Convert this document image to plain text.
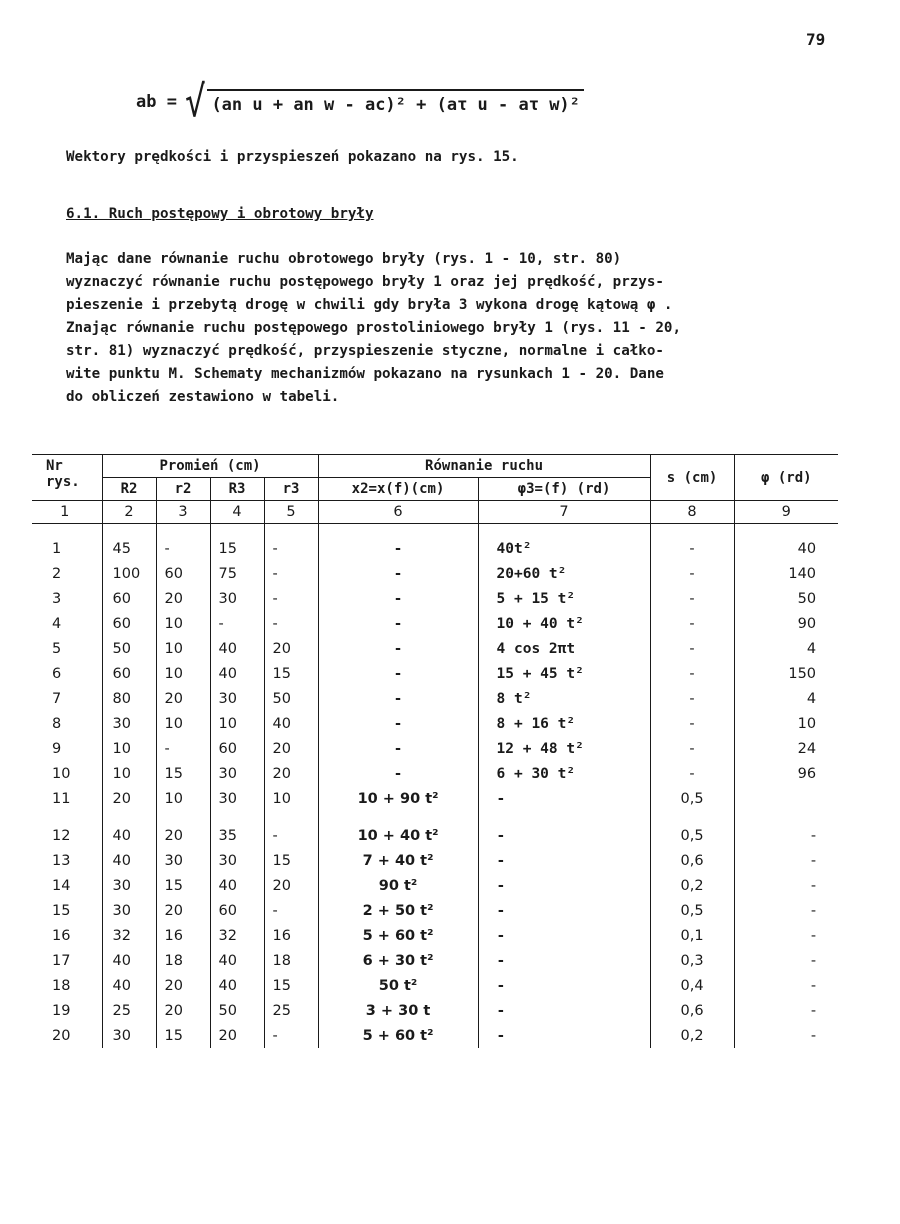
79
ab = √ (an u + an w - ac)² + (aτ u - aτ w)²
Wektory prędkości i przyspieszeń pokazano na rys. 15.
6.1. Ruch postępowy i obrotowy bryły
Mając dane równanie ruchu obrotowego bryły (rys. 1 - 10, str. 80)
wyznaczyć równanie ruchu postępowego bryły 1 oraz jej prędkość, przys-
pieszenie i przebytą drogę w chwili gdy bryła 3 wykona drogę kątową φ .
Znając równanie ruchu postępowego prostoliniowego bryły 1 (rys. 11 - 20,
str. 81) wyznaczyć prędkość, przyspieszenie styczne, normalne i całko-
wite punktu M. Schematy mechanizmów pokazano na rysunkach 1 - 20. Dane
do obliczeń zestawiono w tabeli.
Nr rys.	Promień (cm)				Równanie ruchu		s (cm)	φ (rd)
	R2	r2	R3	r3	x2=x(f)(cm)	φ3=(f) (rd)		
1	2	3	4	5	6	7	8	9

1	45	-	15	-	-	40t²	-	40
2	100	60	75	-	-	20+60 t²	-	140
3	60	20	30	-	-	5 + 15 t²	-	50
4	60	10	-	-	-	10 + 40 t²	-	90
5	50	10	40	20	-	4 cos 2πt	-	4
6	60	10	40	15	-	15 + 45 t²	-	150
7	80	20	30	50	-	8 t²	-	4
8	30	10	10	40	-	8 + 16 t²	-	10
9	10	-	60	20	-	12 + 48 t²	-	24
10	10	15	30	20	-	6 + 30 t²	-	96
11	20	10	30	10	10 + 90 t²	-	0,5	

12	40	20	35	-	10 + 40 t²	-	0,5	-
13	40	30	30	15	7 + 40 t²	-	0,6	-
14	30	15	40	20	90 t²	-	0,2	-
15	30	20	60	-	2 + 50 t²	-	0,5	-
16	32	16	32	16	5 + 60 t²	-	0,1	-
17	40	18	40	18	6 + 30 t²	-	0,3	-
18	40	20	40	15	50 t²	-	0,4	-
19	25	20	50	25	3 + 30 t	-	0,6	-
20	30	15	20	-	5 + 60 t²	-	0,2	-
